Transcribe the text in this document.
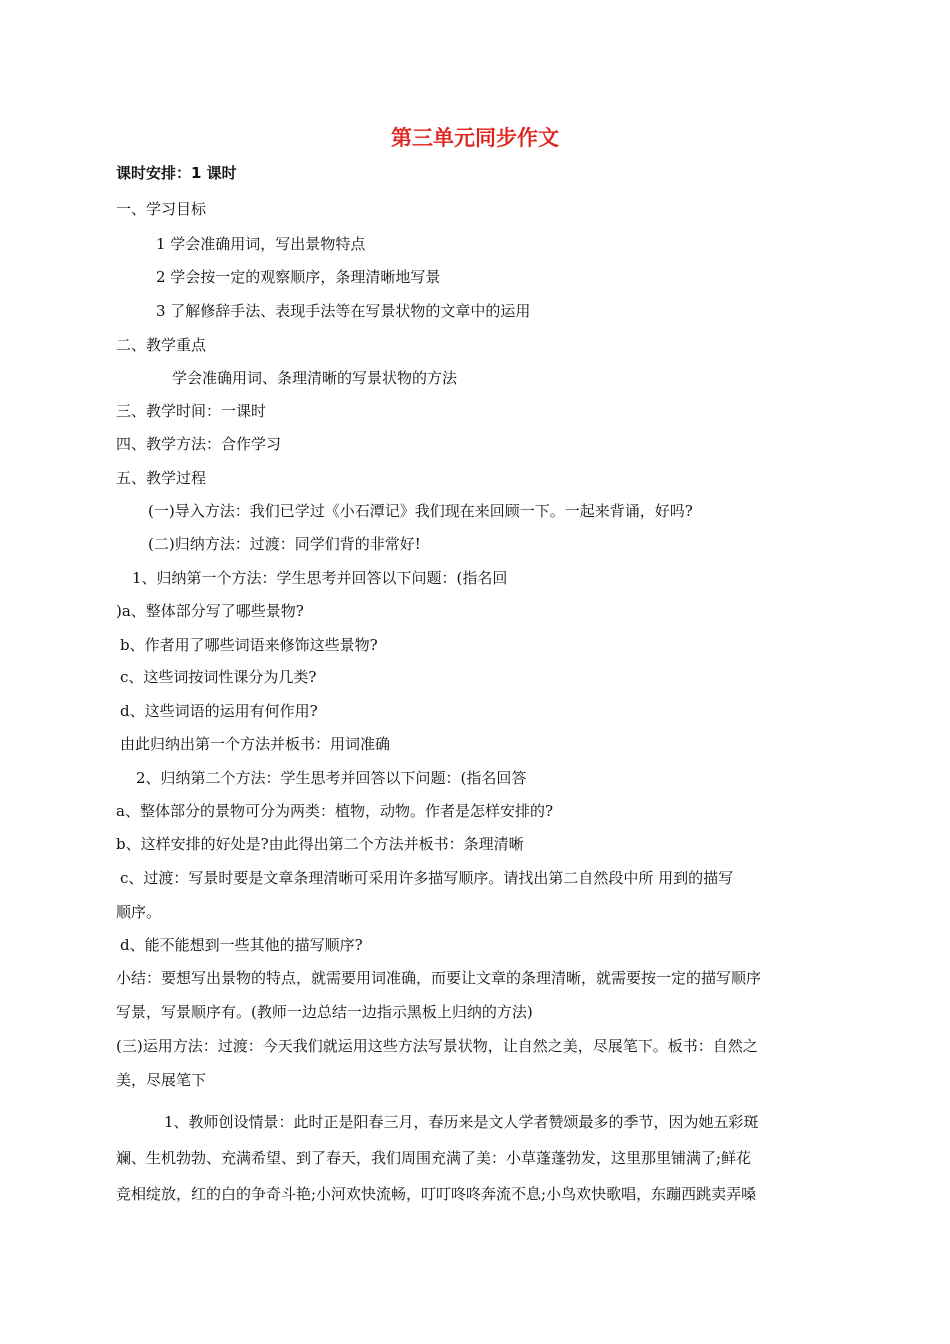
第三单元同步作文
课时安排：1 课时
一、学习目标
1 学会准确用词，写出景物特点
2 学会按一定的观察顺序，条理清晰地写景
3 了解修辞手法、表现手法等在写景状物的文章中的运用
二、教学重点
学会准确用词、条理清晰的写景状物的方法
三、教学时间：一课时
四、教学方法：合作学习
五、教学过程
(一)导入方法：我们已学过《小石潭记》我们现在来回顾一下。一起来背诵，好吗?
(二)归纳方法：过渡：同学们背的非常好!
1、归纳第一个方法：学生思考并回答以下问题：(指名回
)a、整体部分写了哪些景物?
b、作者用了哪些词语来修饰这些景物?
c、这些词按词性课分为几类?
d、这些词语的运用有何作用?
由此归纳出第一个方法并板书：用词准确
2、归纳第二个方法：学生思考并回答以下问题：(指名回答
a、整体部分的景物可分为两类：植物，动物。作者是怎样安排的?
b、这样安排的好处是?由此得出第二个方法并板书：条理清晰
c、过渡：写景时要是文章条理清晰可采用许多描写顺序。请找出第二自然段中所 用到的描写
顺序。
d、能不能想到一些其他的描写顺序?
小结：要想写出景物的特点，就需要用词准确，而要让文章的条理清晰，就需要按一定的描写顺序
写景，写景顺序有。(教师一边总结一边指示黑板上归纳的方法)
(三)运用方法：过渡：今天我们就运用这些方法写景状物，让自然之美，尽展笔下。板书：自然之
美，尽展笔下
1、教师创设情景：此时正是阳春三月，春历来是文人学者赞颂最多的季节，因为她五彩斑
斓、生机勃勃、充满希望、到了春天，我们周围充满了美：小草蓬蓬勃发，这里那里铺满了;鲜花
竞相绽放，红的白的争奇斗艳;小河欢快流畅，叮叮咚咚奔流不息;小鸟欢快歌唱，东蹦西跳卖弄嗓
